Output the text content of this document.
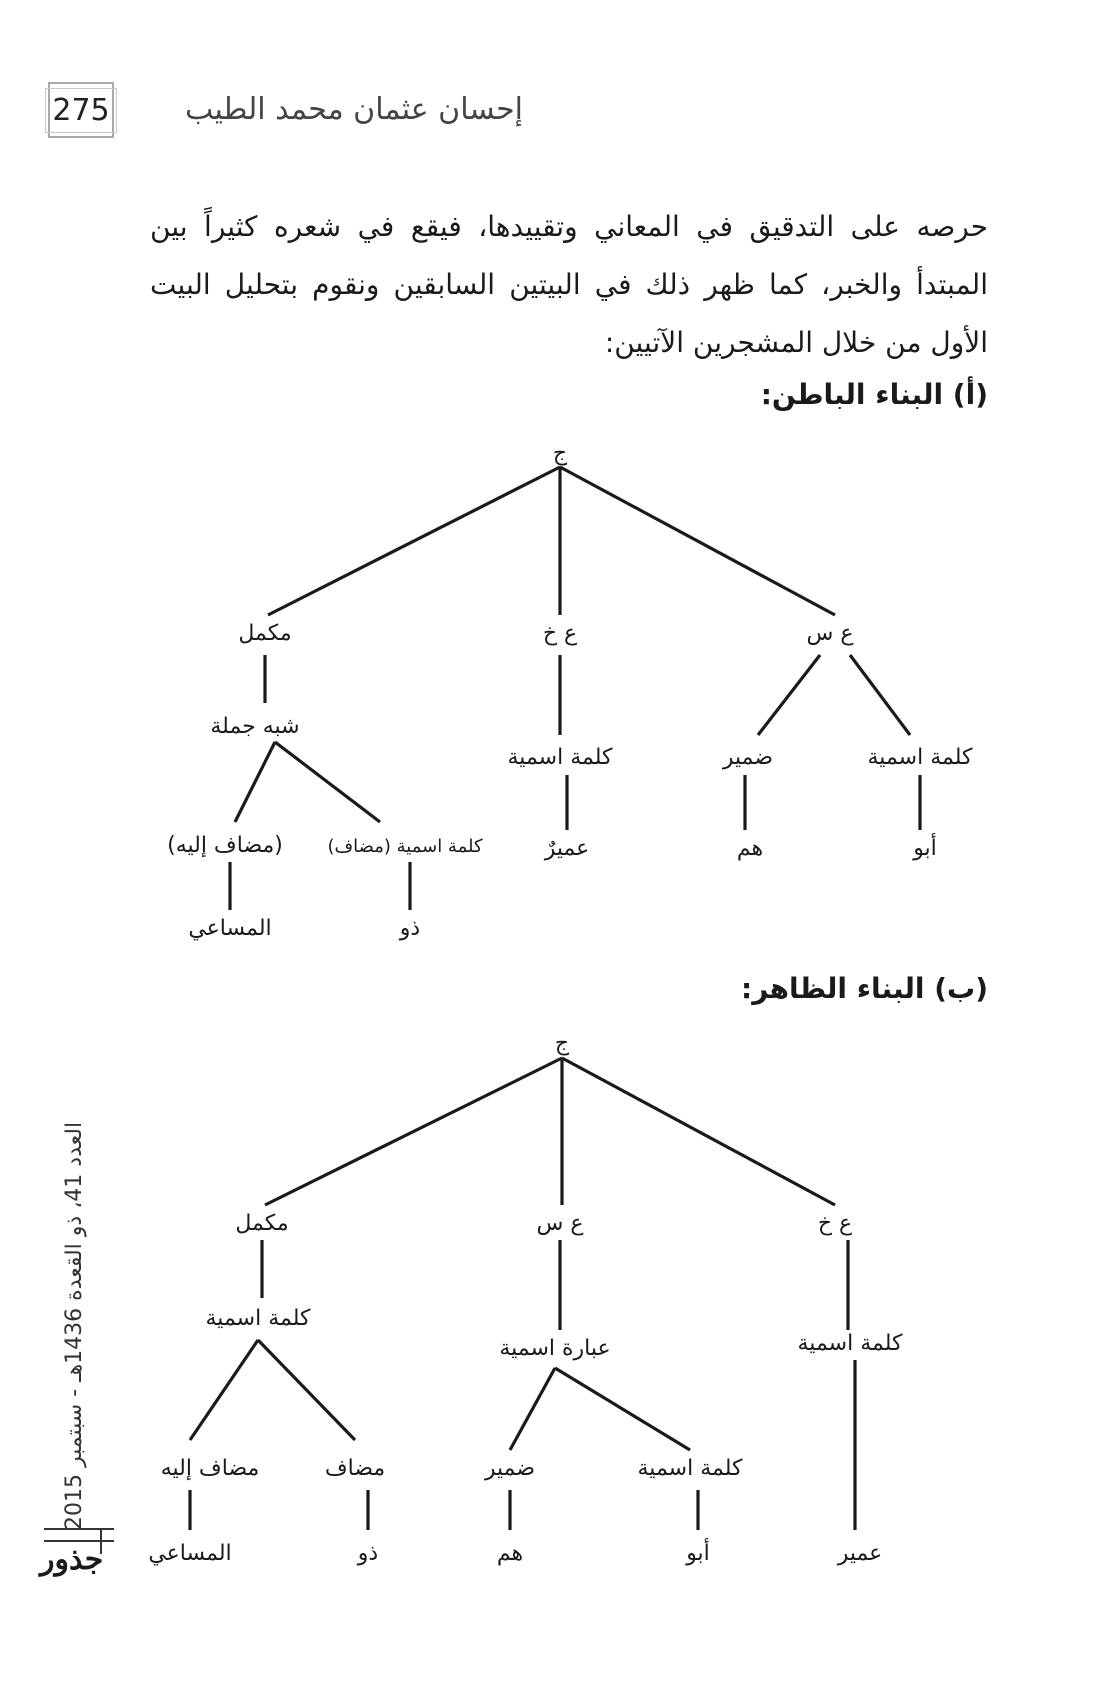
275	إحسان عثمان محمد الطيب
حرصه على التدقيق في المعاني وتقييدها، فيقع في شعره كثيراً بين المبتدأ والخبر، كما ظهر ذلك في البيتين السابقين ونقوم بتحليل البيت الأول من خلال المشجرين الآتيين:
(أ) البناء الباطن:
(ب) البناء الظاهر:
ج
مكمل	ع خ	ع س
شبه جملة
كلمة اسمية	ضمير	كلمة اسمية
(مضاف إليه) كلمة اسمية (مضاف)	عميرٌ	هم	أبو
المساعي	ذو
ج
مكمل	ع س	ع خ
كلمة اسمية
عبارة اسمية	كلمة اسمية
مضاف إليه	مضاف	ضمير	كلمة اسمية
المساعي	ذو	هم	أبو	عمير
العدد 41، ذو القعدة 1436هـ - سبتمبر 2015
جذور
